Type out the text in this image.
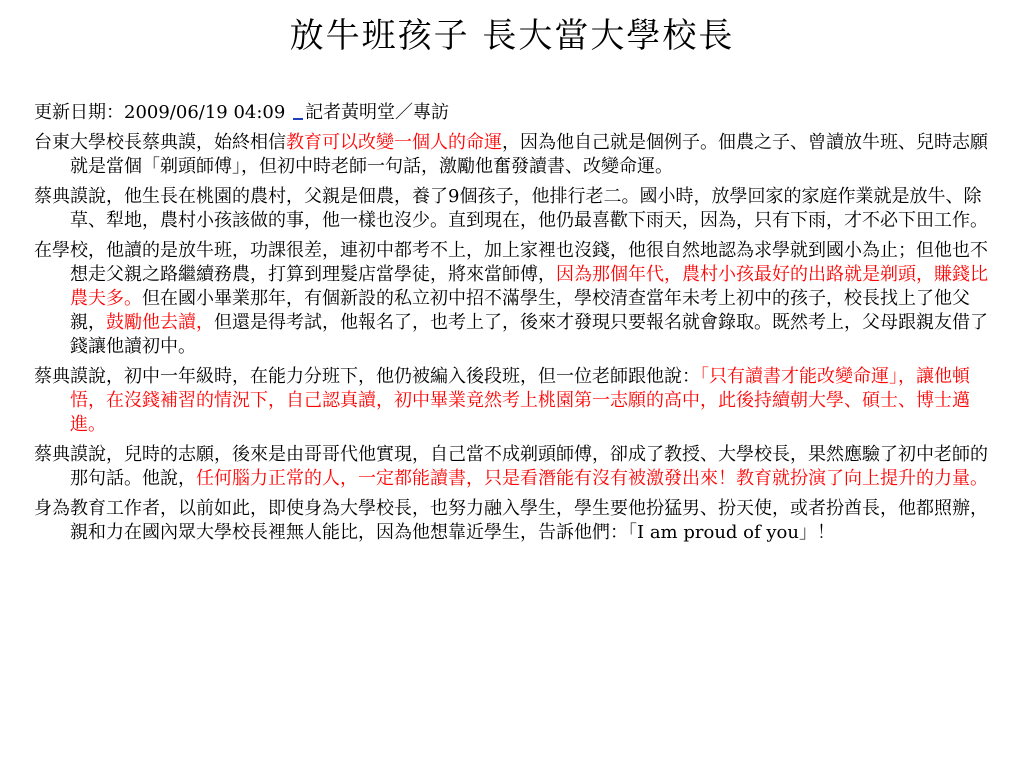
放牛班孩子 長大當大學校長
更新日期：2009/06/19 04:09 記者黃明堂／專訪
台東大學校長蔡典謨，始終相信教育可以改變一個人的命運，因為他自己就是個例子。佃農之子、曾讀放牛班、兒時志願就是當個「剃頭師傅」，但初中時老師一句話，激勵他奮發讀書、改變命運。
蔡典謨說，他生長在桃園的農村，父親是佃農，養了9個孩子，他排行老二。國小時，放學回家的家庭作業就是放牛、除草、犁地，農村小孩該做的事，他一樣也沒少。直到現在，他仍最喜歡下雨天，因為，只有下雨，才不必下田工作。
在學校，他讀的是放牛班，功課很差，連初中都考不上，加上家裡也沒錢，他很自然地認為求學就到國小為止；但他也不想走父親之路繼續務農，打算到理髮店當學徒，將來當師傅，因為那個年代，農村小孩最好的出路就是剃頭，賺錢比農夫多。但在國小畢業那年，有個新設的私立初中招不滿學生，學校清查當年未考上初中的孩子，校長找上了他父親，鼓勵他去讀，但還是得考試，他報名了，也考上了，後來才發現只要報名就會錄取。既然考上，父母跟親友借了錢讓他讀初中。
蔡典謨說，初中一年級時，在能力分班下，他仍被編入後段班，但一位老師跟他說：「只有讀書才能改變命運」，讓他頓悟，在沒錢補習的情況下，自己認真讀，初中畢業竟然考上桃園第一志願的高中，此後持續朝大學、碩士、博士邁進。
蔡典謨說，兒時的志願，後來是由哥哥代他實現，自己當不成剃頭師傅，卻成了教授、大學校長，果然應驗了初中老師的那句話。他說，任何腦力正常的人，一定都能讀書，只是看潛能有沒有被激發出來！教育就扮演了向上提升的力量。
身為教育工作者，以前如此，即使身為大學校長，也努力融入學生，學生要他扮猛男、扮天使，或者扮酋長，他都照辦，親和力在國內眾大學校長裡無人能比，因為他想靠近學生，告訴他們：「I am proud of you」！
